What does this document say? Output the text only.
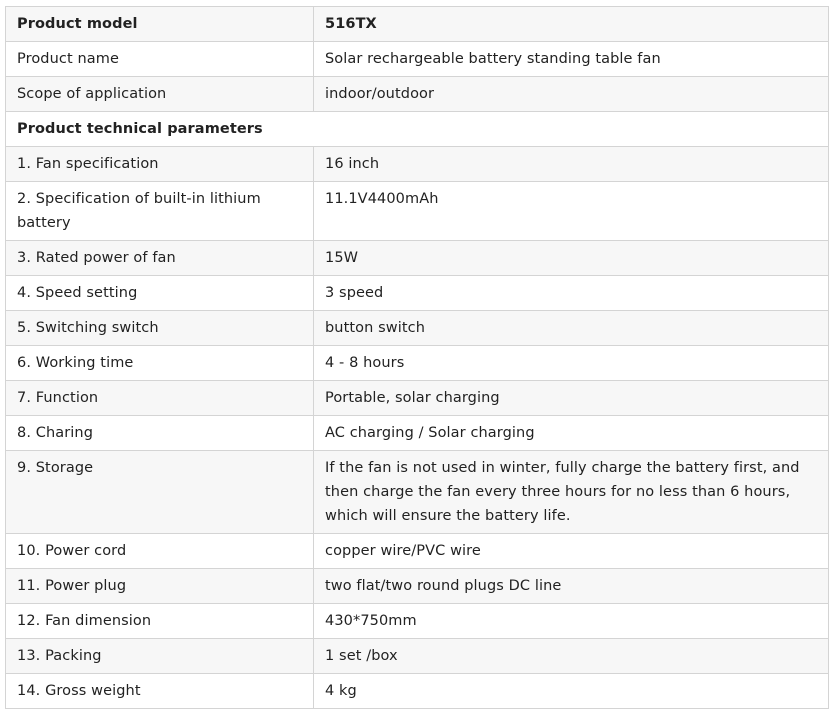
Product model	516TX
Product name	Solar rechargeable battery standing table fan
Scope of application	indoor/outdoor
Product technical parameters	
1. Fan specification	16 inch
2. Specification of built-in lithium battery	11.1V4400mAh
3. Rated power of fan	15W
4. Speed setting	3 speed
5. Switching switch	button switch
6. Working time	4 - 8 hours
7. Function	Portable, solar charging
8. Charing	AC charging / Solar charging
9. Storage	If the fan is not used in winter, fully charge the battery first, and then charge the fan every three hours for no less than 6 hours, which will ensure the battery life.
10. Power cord	copper wire/PVC wire
11. Power plug	two flat/two round plugs DC line
12. Fan dimension	430*750mm
13. Packing	1 set /box
14. Gross weight	4 kg
